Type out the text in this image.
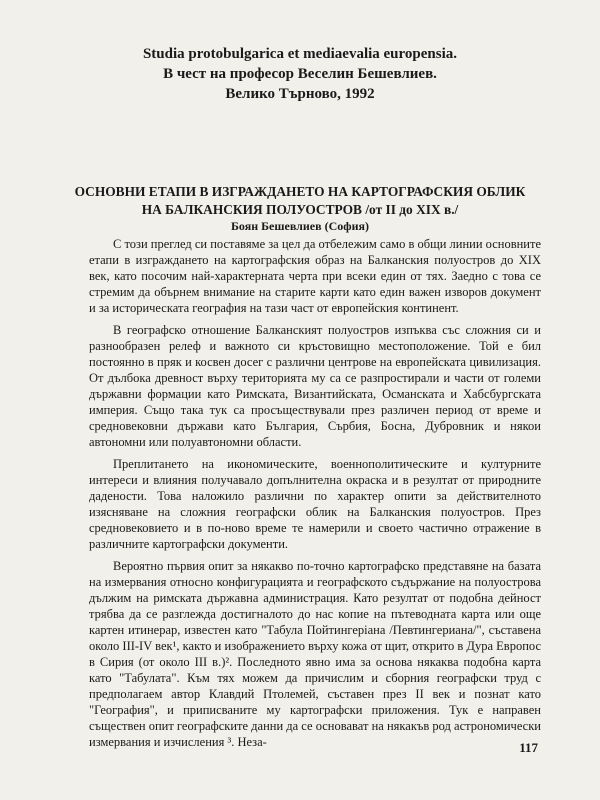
Studia protobulgarica et mediaevalia europensia.
В чест на професор Веселин Бешевлиев.
Велико Търново, 1992
ОСНОВНИ ЕТАПИ В ИЗГРАЖДАНЕТО НА КАРТОГРАФСКИЯ ОБЛИК
НА БАЛКАНСКИЯ ПОЛУОСТРОВ /от II до XIX в./
Боян Бешевлиев (София)

С този преглед си поставяме за цел да отбележим само в общи линии основните етапи в изграждането на картографския образ на Балканския полуостров до XIX век, като посочим най-характерната черта при всеки един от тях. Заедно с това се стремим да обърнем внимание на старите карти като един важен изворов документ и за историческата география на тази част от европейския континент.

В географско отношение Балканският полуостров изпъква със сложния си и разнообразен релеф и важното си кръстовищно местоположение. Той е бил постоянно в пряк и косвен досег с различни центрове на европейската цивилизация. От дълбока древност върху територията му са се разпростирали и части от големи държавни формации като Римската, Византийската, Османската и Хабсбургската империя. Също така тук са просъществували през различен период от време и средновековни държави като България, Сърбия, Босна, Дубровник и някои автономни или полуавтономни области.

Преплитането на икономическите, военнополитическите и културните интереси и влияния получавало допълнителна окраска и в резултат от природните дадености. Това наложило различни по характер опити за действителното изясняване на сложния географски облик на Балканския полуостров. През средновековието и в по-ново време те намерили и своето частично отражение в различните картографски документи.

Вероятно първия опит за някакво по-точно картографско представяне на базата на измервания относно конфигурацията и географското съдържание на полуострова дължим на римската държавна администрация. Като резултат от подобна дейност трябва да се разглежда достигналото до нас копие на пътеводната карта или още картен итинерар, известен като "Табула Пойтингерiана /Певтингериана/", съставена около III-IV век¹, както и изображението върху кожа от щит, открито в Дура Европос в Сирия (от около III в.)². Последното явно има за основа някаква подобна карта като "Табулата". Към тях можем да причислим и сборния географски труд с предполагаем автор Клавдий Птолемей, съставен през II век и познат като "География", и приписваните му картографски приложения. Тук е направен съществен опит географските данни да се основават на някакъв род астрономически измервания и изчисления ³. Неза-	117
